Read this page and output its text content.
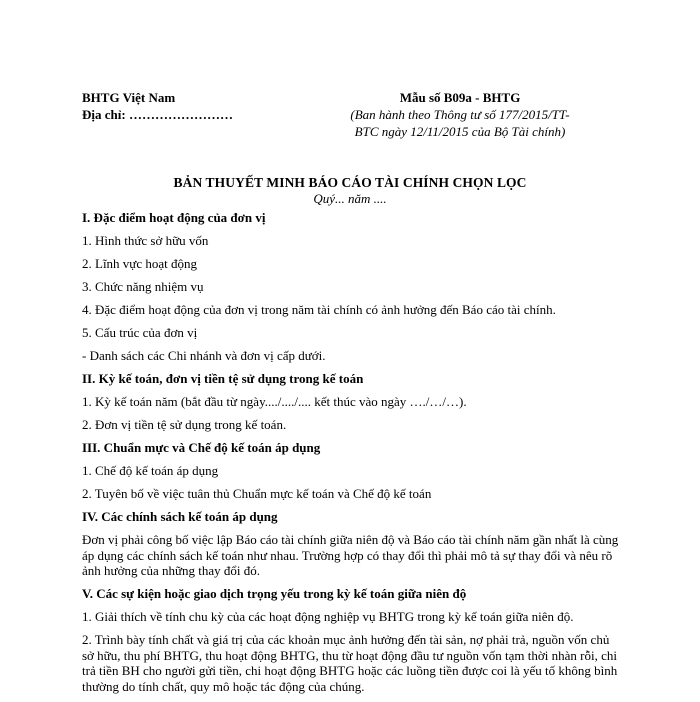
BHTG Việt Nam
Địa chỉ: ……………………
Mẫu số B09a - BHTG
(Ban hành theo Thông tư số 177/2015/TT-
BTC ngày 12/11/2015 của Bộ Tài chính)
BẢN THUYẾT MINH BÁO CÁO TÀI CHÍNH CHỌN LỌC
Quý... năm ....

I. Đặc điểm hoạt động của đơn vị

1. Hình thức sở hữu vốn

2. Lĩnh vực hoạt động

3. Chức năng nhiệm vụ

4. Đặc điểm hoạt động của đơn vị trong năm tài chính có ảnh hưởng đến Báo cáo tài chính.

5. Cấu trúc của đơn vị

- Danh sách các Chi nhánh và đơn vị cấp dưới.

II. Kỳ kế toán, đơn vị tiền tệ sử dụng trong kế toán

1. Kỳ kế toán năm (bắt đầu từ ngày..../..../.... kết thúc vào ngày …./…/…).

2. Đơn vị tiền tệ sử dụng trong kế toán.

III. Chuẩn mực và Chế độ kế toán áp dụng

1. Chế độ kế toán áp dụng

2. Tuyên bố về việc tuân thủ Chuẩn mực kế toán và Chế độ kế toán

IV. Các chính sách kế toán áp dụng

Đơn vị phải công bố việc lập Báo cáo tài chính giữa niên độ và Báo cáo tài chính năm gần nhất là cùng áp dụng các chính sách kế toán như nhau. Trường hợp có thay đổi thì phải mô tả sự thay đổi và nêu rõ ảnh hưởng của những thay đổi đó.

V. Các sự kiện hoặc giao dịch trọng yếu trong kỳ kế toán giữa niên độ

1. Giải thích về tính chu kỳ của các hoạt động nghiệp vụ BHTG trong kỳ kế toán giữa niên độ.

2. Trình bày tính chất và giá trị của các khoản mục ảnh hưởng đến tài sản, nợ phải trả, nguồn vốn chủ sở hữu, thu phí BHTG, thu hoạt động BHTG, thu từ hoạt động đầu tư nguồn vốn tạm thời nhàn rỗi, chi trả tiền BH cho người gửi tiền, chi hoạt động BHTG hoặc các luồng tiền được coi là yếu tố không bình thường do tính chất, quy mô hoặc tác động của chúng.
